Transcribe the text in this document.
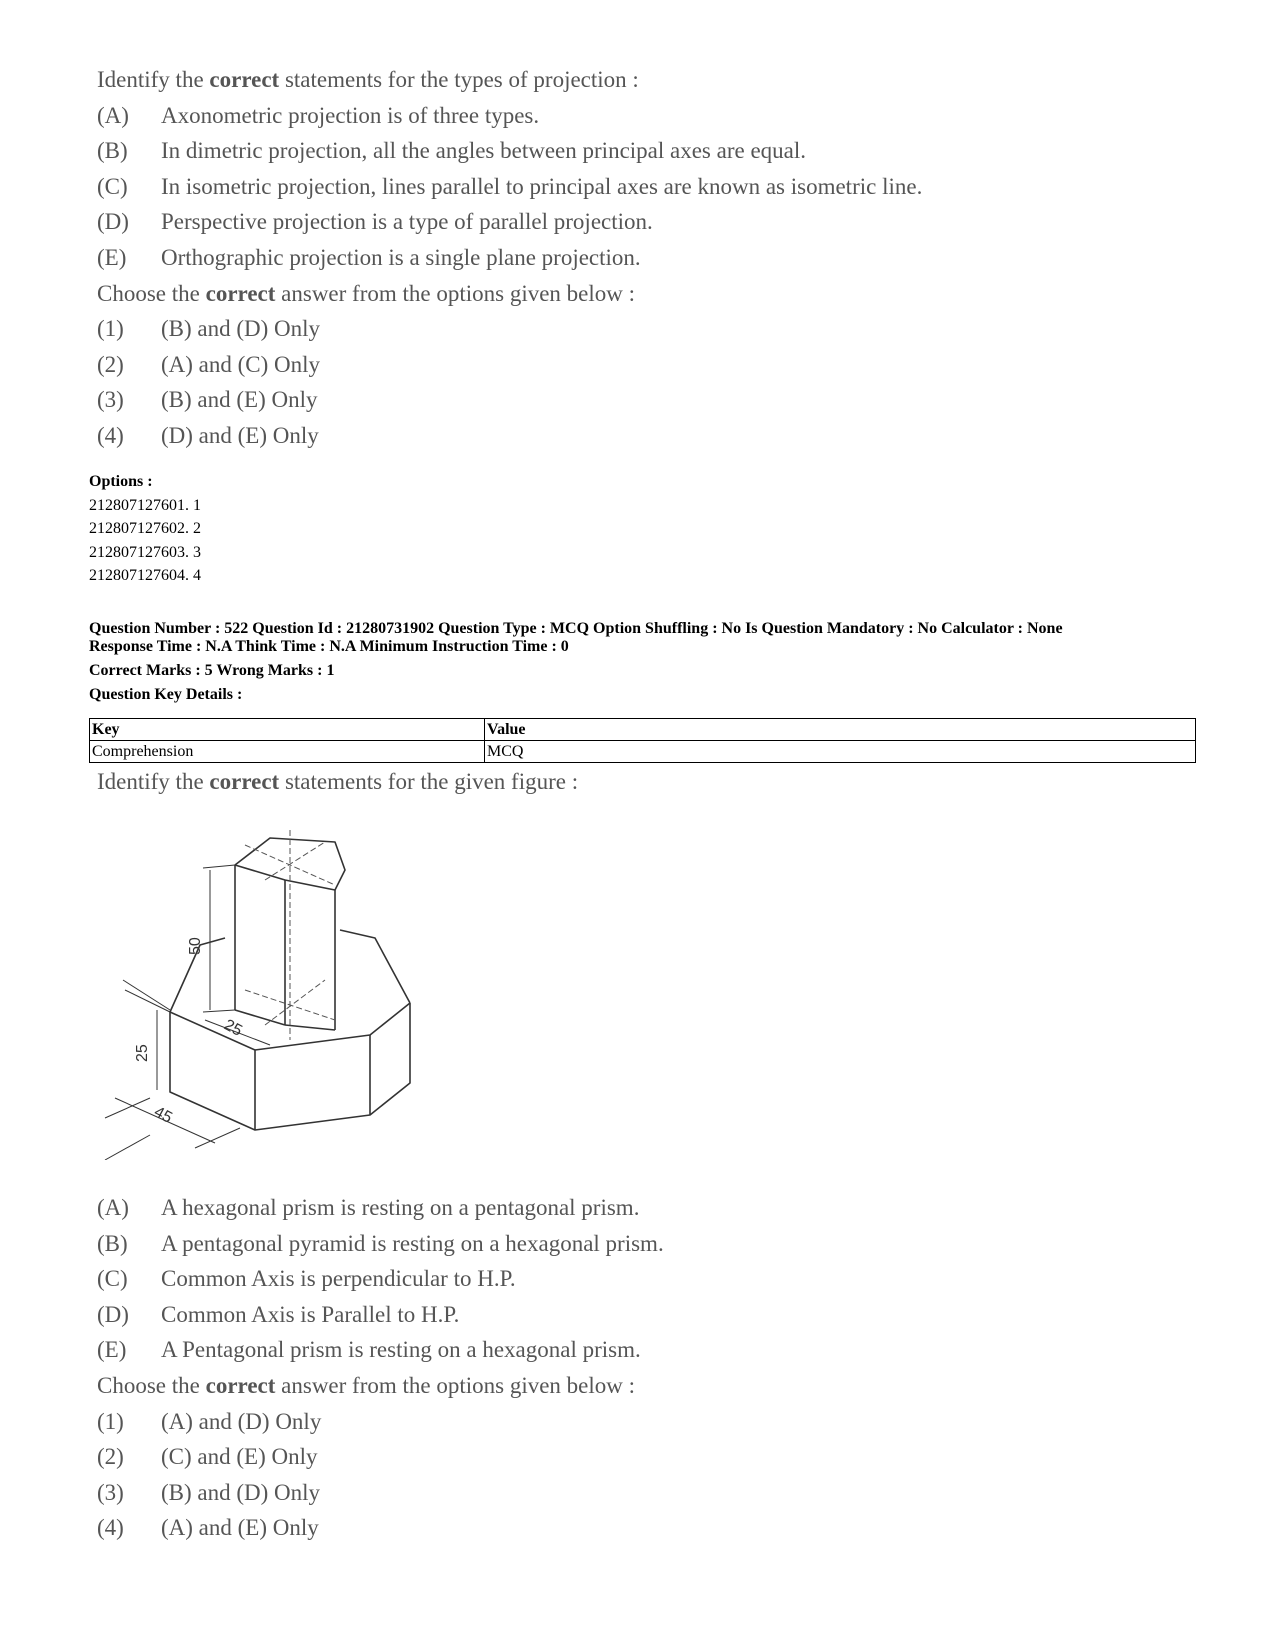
Identify the correct statements for the types of projection :
(A) Axonometric projection is of three types.
(B) In dimetric projection, all the angles between principal axes are equal.
(C) In isometric projection, lines parallel to principal axes are known as isometric line.
(D) Perspective projection is a type of parallel projection.
(E) Orthographic projection is a single plane projection.
Choose the correct answer from the options given below :
(1) (B) and (D) Only
(2) (A) and (C) Only
(3) (B) and (E) Only
(4) (D) and (E) Only
Options :
212807127601. 1
212807127602. 2
212807127603. 3
212807127604. 4
Question Number : 522 Question Id : 21280731902 Question Type : MCQ Option Shuffling : No Is Question Mandatory : No Calculator : None
Response Time : N.A Think Time : N.A Minimum Instruction Time : 0
Correct Marks : 5 Wrong Marks : 1
Question Key Details :
Key	Value
Comprehension	MCQ
Identify the correct statements for the given figure :
50
25
25
45
(A) A hexagonal prism is resting on a pentagonal prism.
(B) A pentagonal pyramid is resting on a hexagonal prism.
(C) Common Axis is perpendicular to H.P.
(D) Common Axis is Parallel to H.P.
(E) A Pentagonal prism is resting on a hexagonal prism.
Choose the correct answer from the options given below :
(1) (A) and (D) Only
(2) (C) and (E) Only
(3) (B) and (D) Only
(4) (A) and (E) Only
